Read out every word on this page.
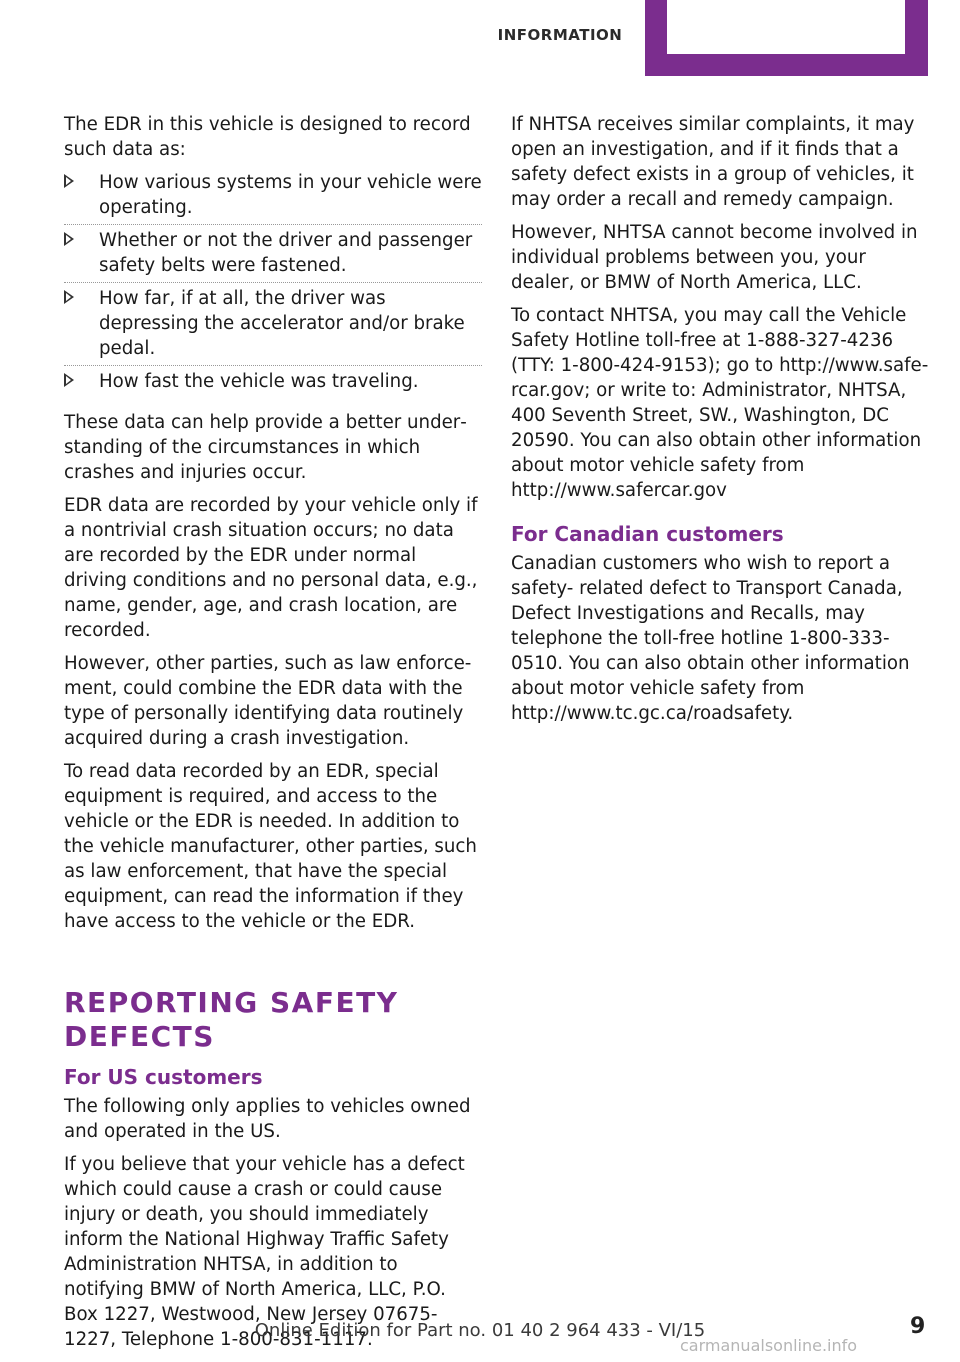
INFORMATION

The EDR in this vehicle is designed to record such data as:

How various systems in your vehicle were operating.
Whether or not the driver and passenger safety belts were fastened.
How far, if at all, the driver was depressing the accelerator and/or brake pedal.
How fast the vehicle was traveling.

These data can help provide a better understanding of the circumstances in which crashes and injuries occur.

EDR data are recorded by your vehicle only if a nontrivial crash situation occurs; no data are recorded by the EDR under normal driving conditions and no personal data, e.g., name, gender, age, and crash location, are recorded.

However, other parties, such as law enforcement, could combine the EDR data with the type of personally identifying data routinely acquired during a crash investigation.

To read data recorded by an EDR, special equipment is required, and access to the vehicle or the EDR is needed. In addition to the vehicle manufacturer, other parties, such as law enforcement, that have the special equipment, can read the information if they have access to the vehicle or the EDR.

REPORTING SAFETY DEFECTS
For US customers

The following only applies to vehicles owned and operated in the US.

If you believe that your vehicle has a defect which could cause a crash or could cause injury or death, you should immediately inform the National Highway Traffic Safety Administration NHTSA, in addition to notifying BMW of North America, LLC, P.O. Box 1227, Westwood, New Jersey 07675-1227, Telephone 1-800-831-1117.

If NHTSA receives similar complaints, it may open an investigation, and if it finds that a safety defect exists in a group of vehicles, it may order a recall and remedy campaign.

However, NHTSA cannot become involved in individual problems between you, your dealer, or BMW of North America, LLC.

To contact NHTSA, you may call the Vehicle Safety Hotline toll-free at 1-888-327-4236 (TTY: 1-800-424-9153); go to http://www.safercar.gov; or write to: Administrator, NHTSA, 400 Seventh Street, SW., Washington, DC 20590. You can also obtain other information about motor vehicle safety from http://www.safercar.gov

For Canadian customers

Canadian customers who wish to report a safety- related defect to Transport Canada, Defect Investigations and Recalls, may telephone the toll-free hotline 1-800-333-0510. You can also obtain other information about motor vehicle safety from http://www.tc.gc.ca/roadsafety.

Online Edition for Part no. 01 40 2 964 433 - VI/15	9
carmanualsonline.info
